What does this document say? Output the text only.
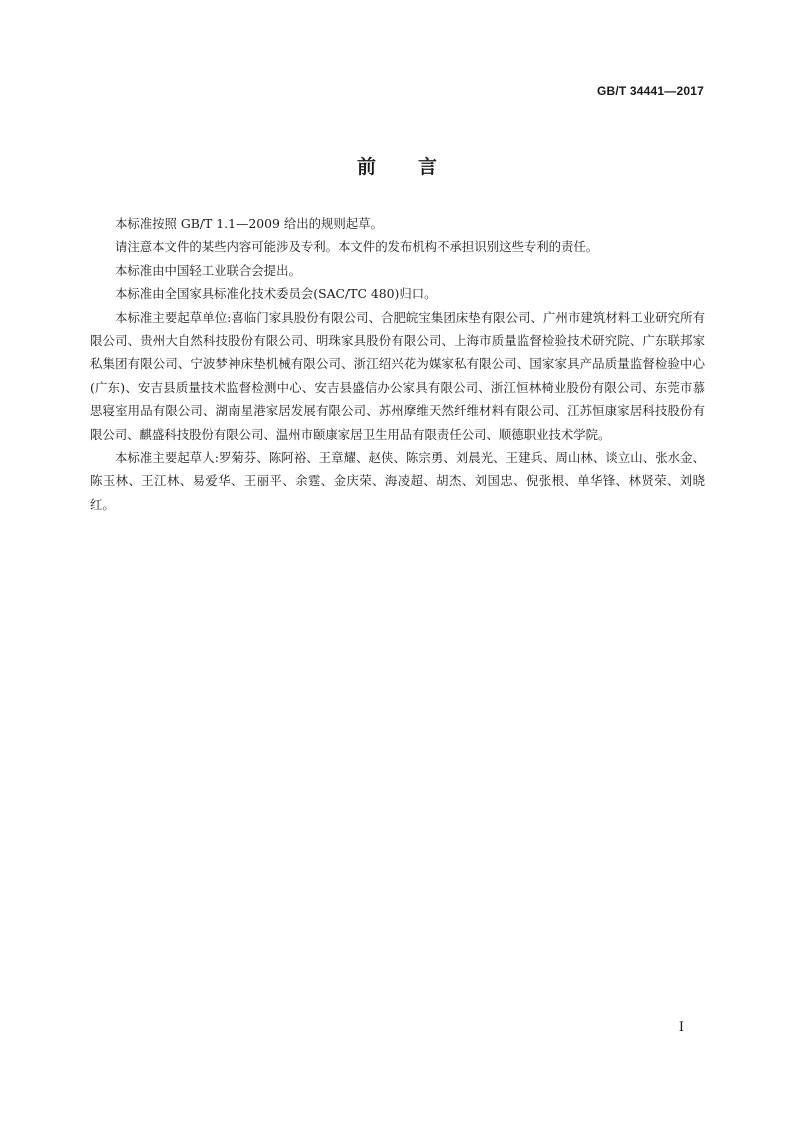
GB/T 34441—2017
前言

本标准按照 GB/T 1.1—2009 给出的规则起草。

请注意本文件的某些内容可能涉及专利。本文件的发布机构不承担识别这些专利的责任。

本标准由中国轻工业联合会提出。

本标准由全国家具标准化技术委员会(SAC/TC 480)归口。

本标准主要起草单位:喜临门家具股份有限公司、合肥皖宝集团床垫有限公司、广州市建筑材料工业研究所有限公司、贵州大自然科技股份有限公司、明珠家具股份有限公司、上海市质量监督检验技术研究院、广东联邦家私集团有限公司、宁波梦神床垫机械有限公司、浙江绍兴花为媒家私有限公司、国家家具产品质量监督检验中心(广东)、安吉县质量技术监督检测中心、安吉县盛信办公家具有限公司、浙江恒林椅业股份有限公司、东莞市慕思寝室用品有限公司、湖南星港家居发展有限公司、苏州摩维天然纤维材料有限公司、江苏恒康家居科技股份有限公司、麒盛科技股份有限公司、温州市颐康家居卫生用品有限责任公司、顺德职业技术学院。

本标准主要起草人:罗菊芬、陈阿裕、王章耀、赵侠、陈宗勇、刘晨光、王建兵、周山林、谈立山、张水金、陈玉林、王江林、易爱华、王丽平、余霆、金庆荣、海凌超、胡杰、刘国忠、倪张根、单华锋、林贤荣、刘晓红。

I
